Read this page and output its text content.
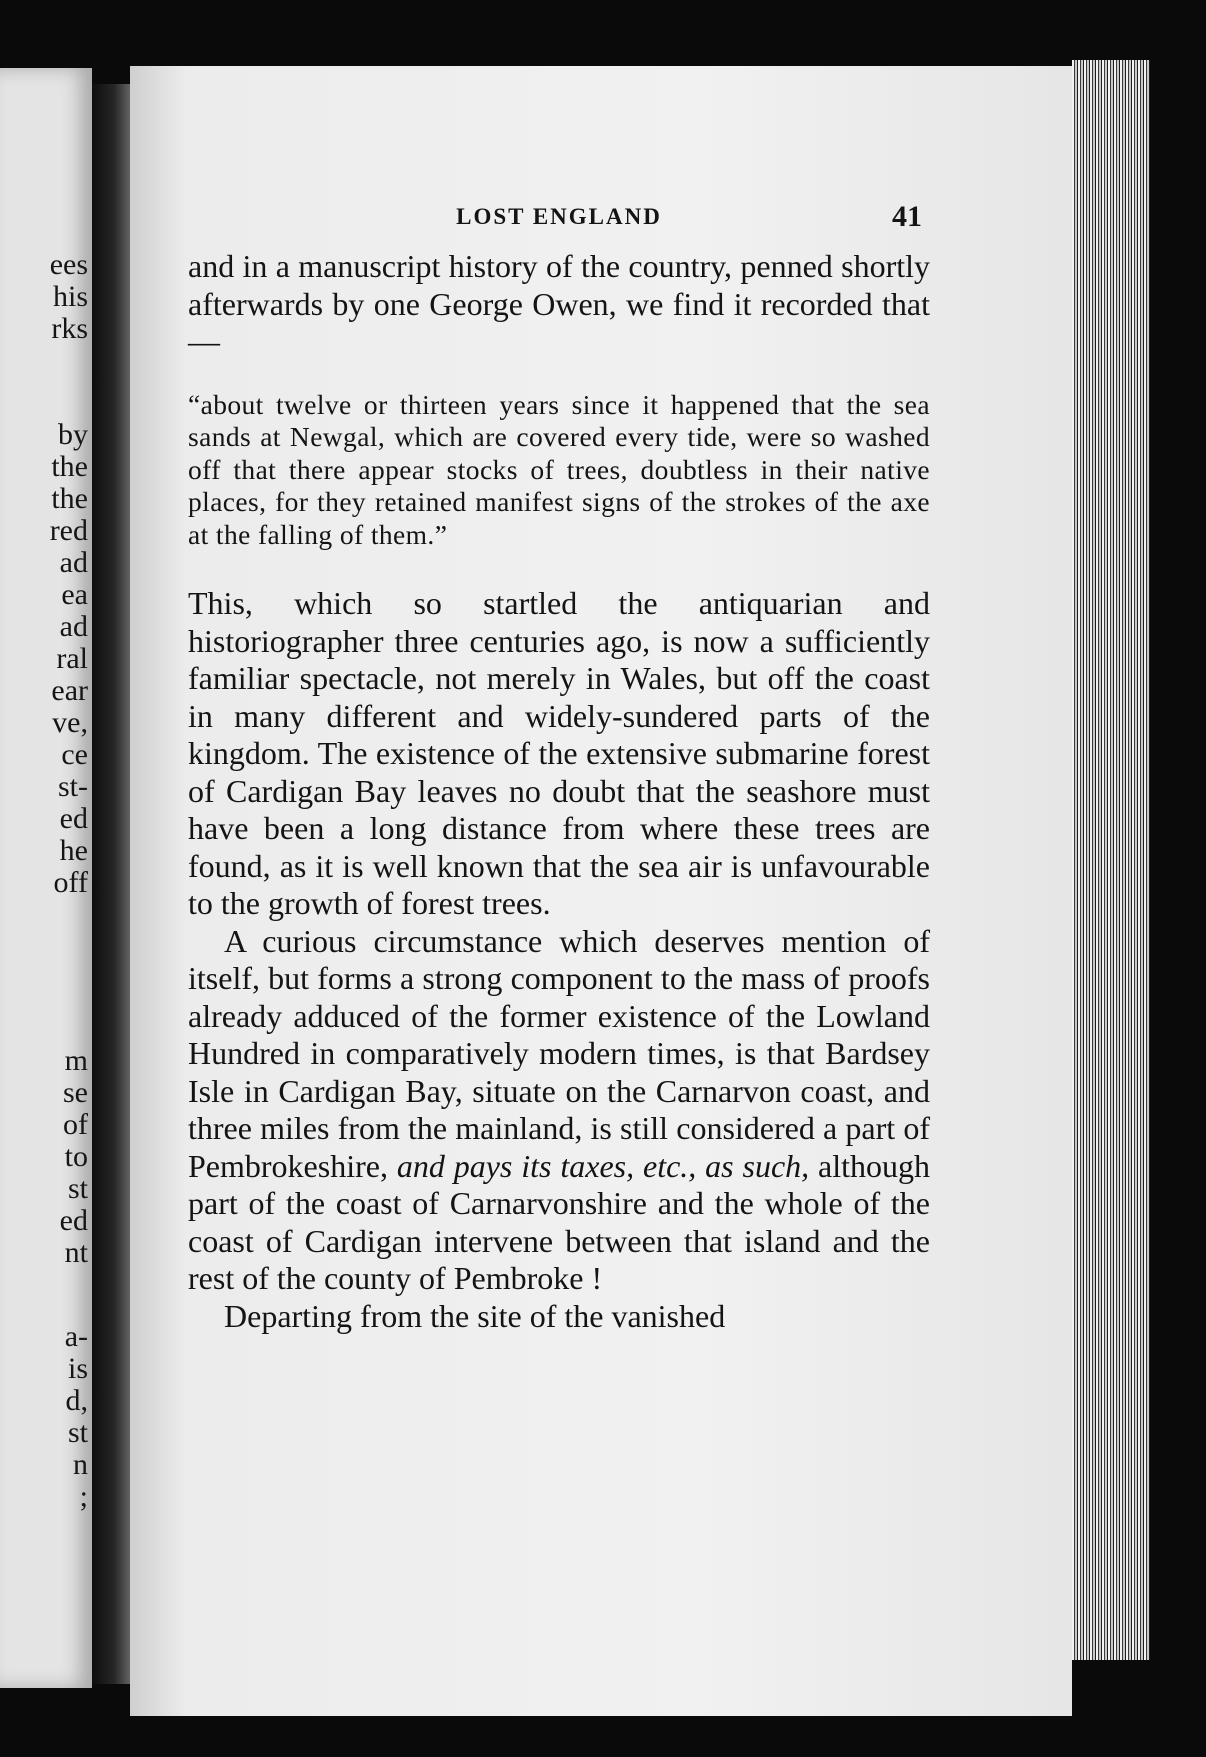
ees

his

rks

by

the

the

red

ad

ea

ad

ral

ear

ve,

ce

st-

ed

he

off

m

se

of

to

st

ed

nt

a-

is

d,

st

n

;

LOST ENGLAND	41

and in a manuscript history of the country, penned shortly afterwards by one George Owen, we find it recorded that—

“about twelve or thirteen years since it happened that the sea sands at Newgal, which are covered every tide, were so washed off that there appear stocks of trees, doubtless in their native places, for they retained manifest signs of the strokes of the axe at the falling of them.”

This, which so startled the antiquarian and historiographer three centuries ago, is now a sufficiently familiar spectacle, not merely in Wales, but off the coast in many different and widely-sundered parts of the kingdom. The existence of the extensive submarine forest of Cardigan Bay leaves no doubt that the seashore must have been a long distance from where these trees are found, as it is well known that the sea air is unfavourable to the growth of forest trees.

A curious circumstance which deserves mention of itself, but forms a strong component to the mass of proofs already adduced of the former existence of the Lowland Hundred in comparatively modern times, is that Bardsey Isle in Cardigan Bay, situate on the Carnarvon coast, and three miles from the mainland, is still considered a part of Pembrokeshire, and pays its taxes, etc., as such, although part of the coast of Carnarvonshire and the whole of the coast of Cardigan intervene between that island and the rest of the county of Pembroke !

Departing from the site of the vanished
